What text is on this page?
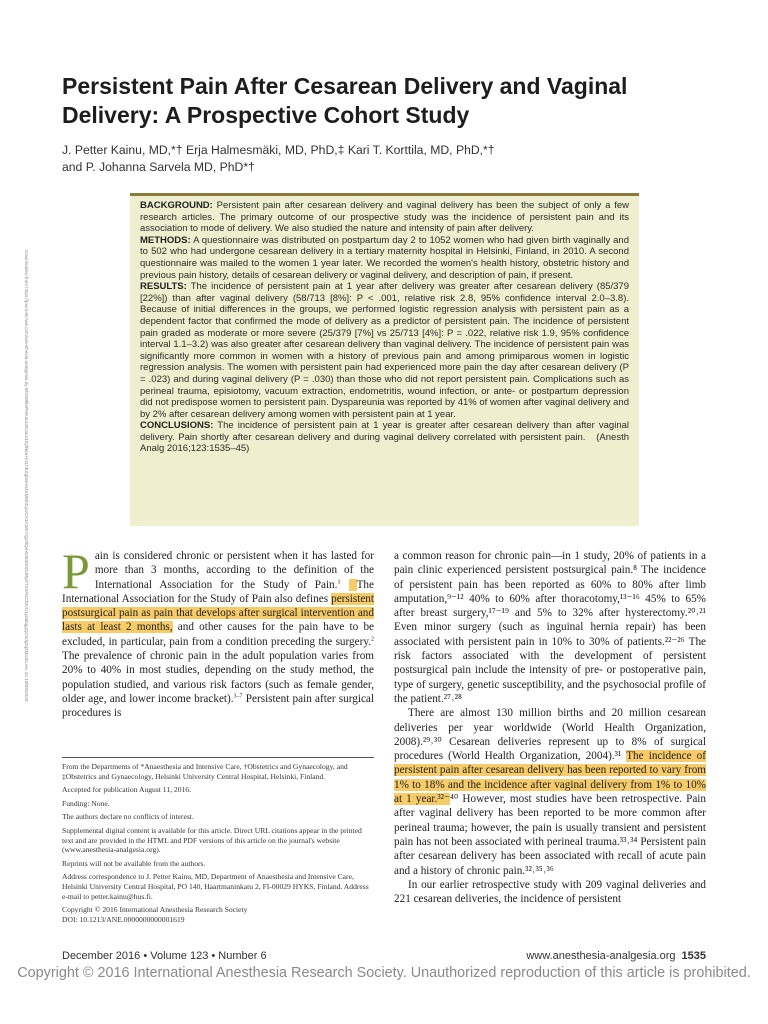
Downloaded from https://journals.lww.com/anesthesia-analgesia by BhDMf5ePHKav1zEoum1tQfN4a+kJLhEZgbsIHo4XMi0hCywCX1AWnYQp/IlQrHD3i3D0OdRyi7TvSFl4Cf3VC1y0abggQZXdgGj2MwlZLeI= on 10/09/2020
Persistent Pain After Cesarean Delivery and Vaginal Delivery: A Prospective Cohort Study
J. Petter Kainu, MD,*† Erja Halmesmäki, MD, PhD,‡ Kari T. Korttila, MD, PhD,*†
and P. Johanna Sarvela MD, PhD*†

BACKGROUND: Persistent pain after cesarean delivery and vaginal delivery has been the subject of only a few research articles. The primary outcome of our prospective study was the incidence of persistent pain and its association to mode of delivery. We also studied the nature and intensity of pain after delivery.

METHODS: A questionnaire was distributed on postpartum day 2 to 1052 women who had given birth vaginally and to 502 who had undergone cesarean delivery in a tertiary maternity hospital in Helsinki, Finland, in 2010. A second questionnaire was mailed to the women 1 year later. We recorded the women's health history, obstetric history and previous pain history, details of cesarean delivery or vaginal delivery, and description of pain, if present.

RESULTS: The incidence of persistent pain at 1 year after delivery was greater after cesarean delivery (85/379 [22%]) than after vaginal delivery (58/713 [8%]: P < .001, relative risk 2.8, 95% confidence interval 2.0–3.8). Because of initial differences in the groups, we performed logistic regression analysis with persistent pain as a dependent factor that confirmed the mode of delivery as a predictor of persistent pain. The incidence of persistent pain graded as moderate or more severe (25/379 [7%] vs 25/713 [4%]: P = .022, relative risk 1.9, 95% confidence interval 1.1–3.2) was also greater after cesarean delivery than vaginal delivery. The incidence of persistent pain was significantly more common in women with a history of previous pain and among primiparous women in logistic regression analysis. The women with persistent pain had experienced more pain the day after cesarean delivery (P = .023) and during vaginal delivery (P = .030) than those who did not report persistent pain. Complications such as perineal trauma, episiotomy, vacuum extraction, endometritis, wound infection, or ante- or postpartum depression did not predispose women to persistent pain. Dyspareunia was reported by 41% of women after vaginal delivery and by 2% after cesarean delivery among women with persistent pain at 1 year.

CONCLUSIONS: The incidence of persistent pain at 1 year is greater after cesarean delivery than after vaginal delivery. Pain shortly after cesarean delivery and during vaginal delivery correlated with persistent pain. (Anesth Analg 2016;123:1535–45)

P ain is considered chronic or persistent when it has lasted for more than 3 months, according to the definition of the International Association for the Study of Pain.$^1$ The International Association for the Study of Pain also defines persistent postsurgical pain as pain that develops after surgical intervention and lasts at least 2 months, and other causes for the pain have to be excluded, in particular, pain from a condition preceding the surgery.$^2$ The prevalence of chronic pain in the adult population varies from 20% to 40% in most studies, depending on the study method, the population studied, and various risk factors (such as female gender, older age, and lower income bracket).$^{3-7}$ Persistent pain after surgical procedures is

From the Departments of *Anaesthesia and Intensive Care, †Obstetrics and Gynaecology, and ‡Obstetrics and Gynaecology, Helsinki University Central Hospital, Helsinki, Finland.

Accepted for publication August 11, 2016.

Funding: None.

The authors declare no conflicts of interest.

Supplemental digital content is available for this article. Direct URL citations appear in the printed text and are provided in the HTML and PDF versions of this article on the journal's website (www.anesthesia-analgesia.org).

Reprints will not be available from the authors.

Address correspondence to J. Petter Kainu, MD, Department of Anaesthesia and Intensive Care, Helsinki University Central Hospital, PO 140, Haartmaninkatu 2, FI-00029 HYKS, Finland. Address e-mail to petter.kainu@hus.fi.

Copyright © 2016 International Anesthesia Research Society

DOI: 10.1213/ANE.0000000000001619

a common reason for chronic pain—in 1 study, 20% of patients in a pain clinic experienced persistent postsurgical pain.⁸ The incidence of persistent pain has been reported as 60% to 80% after limb amputation,⁹⁻¹² 40% to 60% after thoracotomy,¹³⁻¹⁶ 45% to 65% after breast surgery,¹⁷⁻¹⁹ and 5% to 32% after hysterectomy.²⁰˒²¹ Even minor surgery (such as inguinal hernia repair) has been associated with persistent pain in 10% to 30% of patients.²²⁻²⁶ The risk factors associated with the development of persistent postsurgical pain include the intensity of pre- or postoperative pain, type of surgery, genetic susceptibility, and the psychosocial profile of the patient.²⁷˒²⁸

There are almost 130 million births and 20 million cesarean deliveries per year worldwide (World Health Organization, 2008).²⁹˒³⁰ Cesarean deliveries represent up to 8% of surgical procedures (World Health Organization, 2004).³¹ The incidence of persistent pain after cesarean delivery has been reported to vary from 1% to 18% and the incidence after vaginal delivery from 1% to 10% at 1 year.³²⁻⁴⁰ However, most studies have been retrospective. Pain after vaginal delivery has been reported to be more common after perineal trauma; however, the pain is usually transient and persistent pain has not been associated with perineal trauma.³³˒³⁴ Persistent pain after cesarean delivery has been associated with recall of acute pain and a history of chronic pain.³²˒³⁵˒³⁶

In our earlier retrospective study with 209 vaginal deliveries and 221 cesarean deliveries, the incidence of persistent

December 2016 • Volume 123 • Number 6	www.anesthesia-analgesia.org 1535
Copyright © 2016 International Anesthesia Research Society. Unauthorized reproduction of this article is prohibited.
